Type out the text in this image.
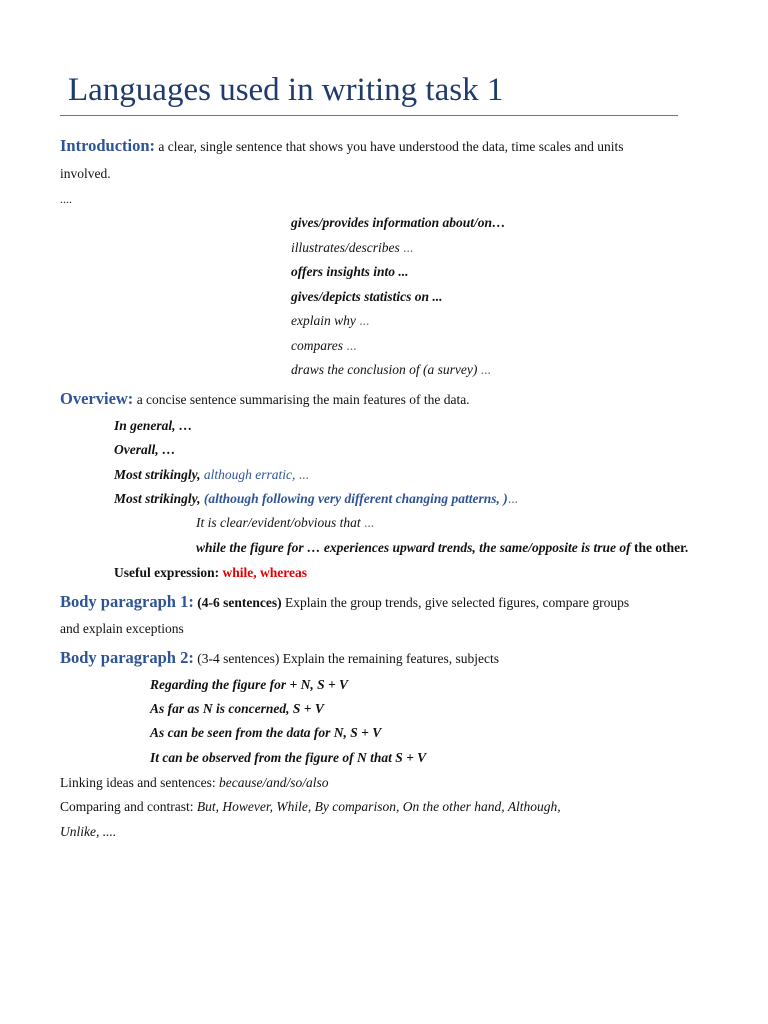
Languages used in writing task 1
Introduction: a clear, single sentence that shows you have understood the data, time scales and units
involved.
....
gives/provides information about/on…
illustrates/describes ...
offers insights into ...
gives/depicts statistics on ...
explain why ...
compares ...
draws the conclusion of (a survey) ...
Overview: a concise sentence summarising the main features of the data.
In general, …
Overall, …
Most strikingly, although erratic, ...
Most strikingly, (although following very different changing patterns, )...
It is clear/evident/obvious that ...
while the figure for … experiences upward trends, the same/opposite is true of the other.
Useful expression: while, whereas
Body paragraph 1: (4-6 sentences) Explain the group trends, give selected figures, compare groups
and explain exceptions
Body paragraph 2: (3-4 sentences) Explain the remaining features, subjects
Regarding the figure for + N, S + V
As far as N is concerned, S + V
As can be seen from the data for N, S + V
It can be observed from the figure of N that S + V
Linking ideas and sentences: because/and/so/also
Comparing and contrast: But, However, While, By comparison, On the other hand, Although,
Unlike, ....
